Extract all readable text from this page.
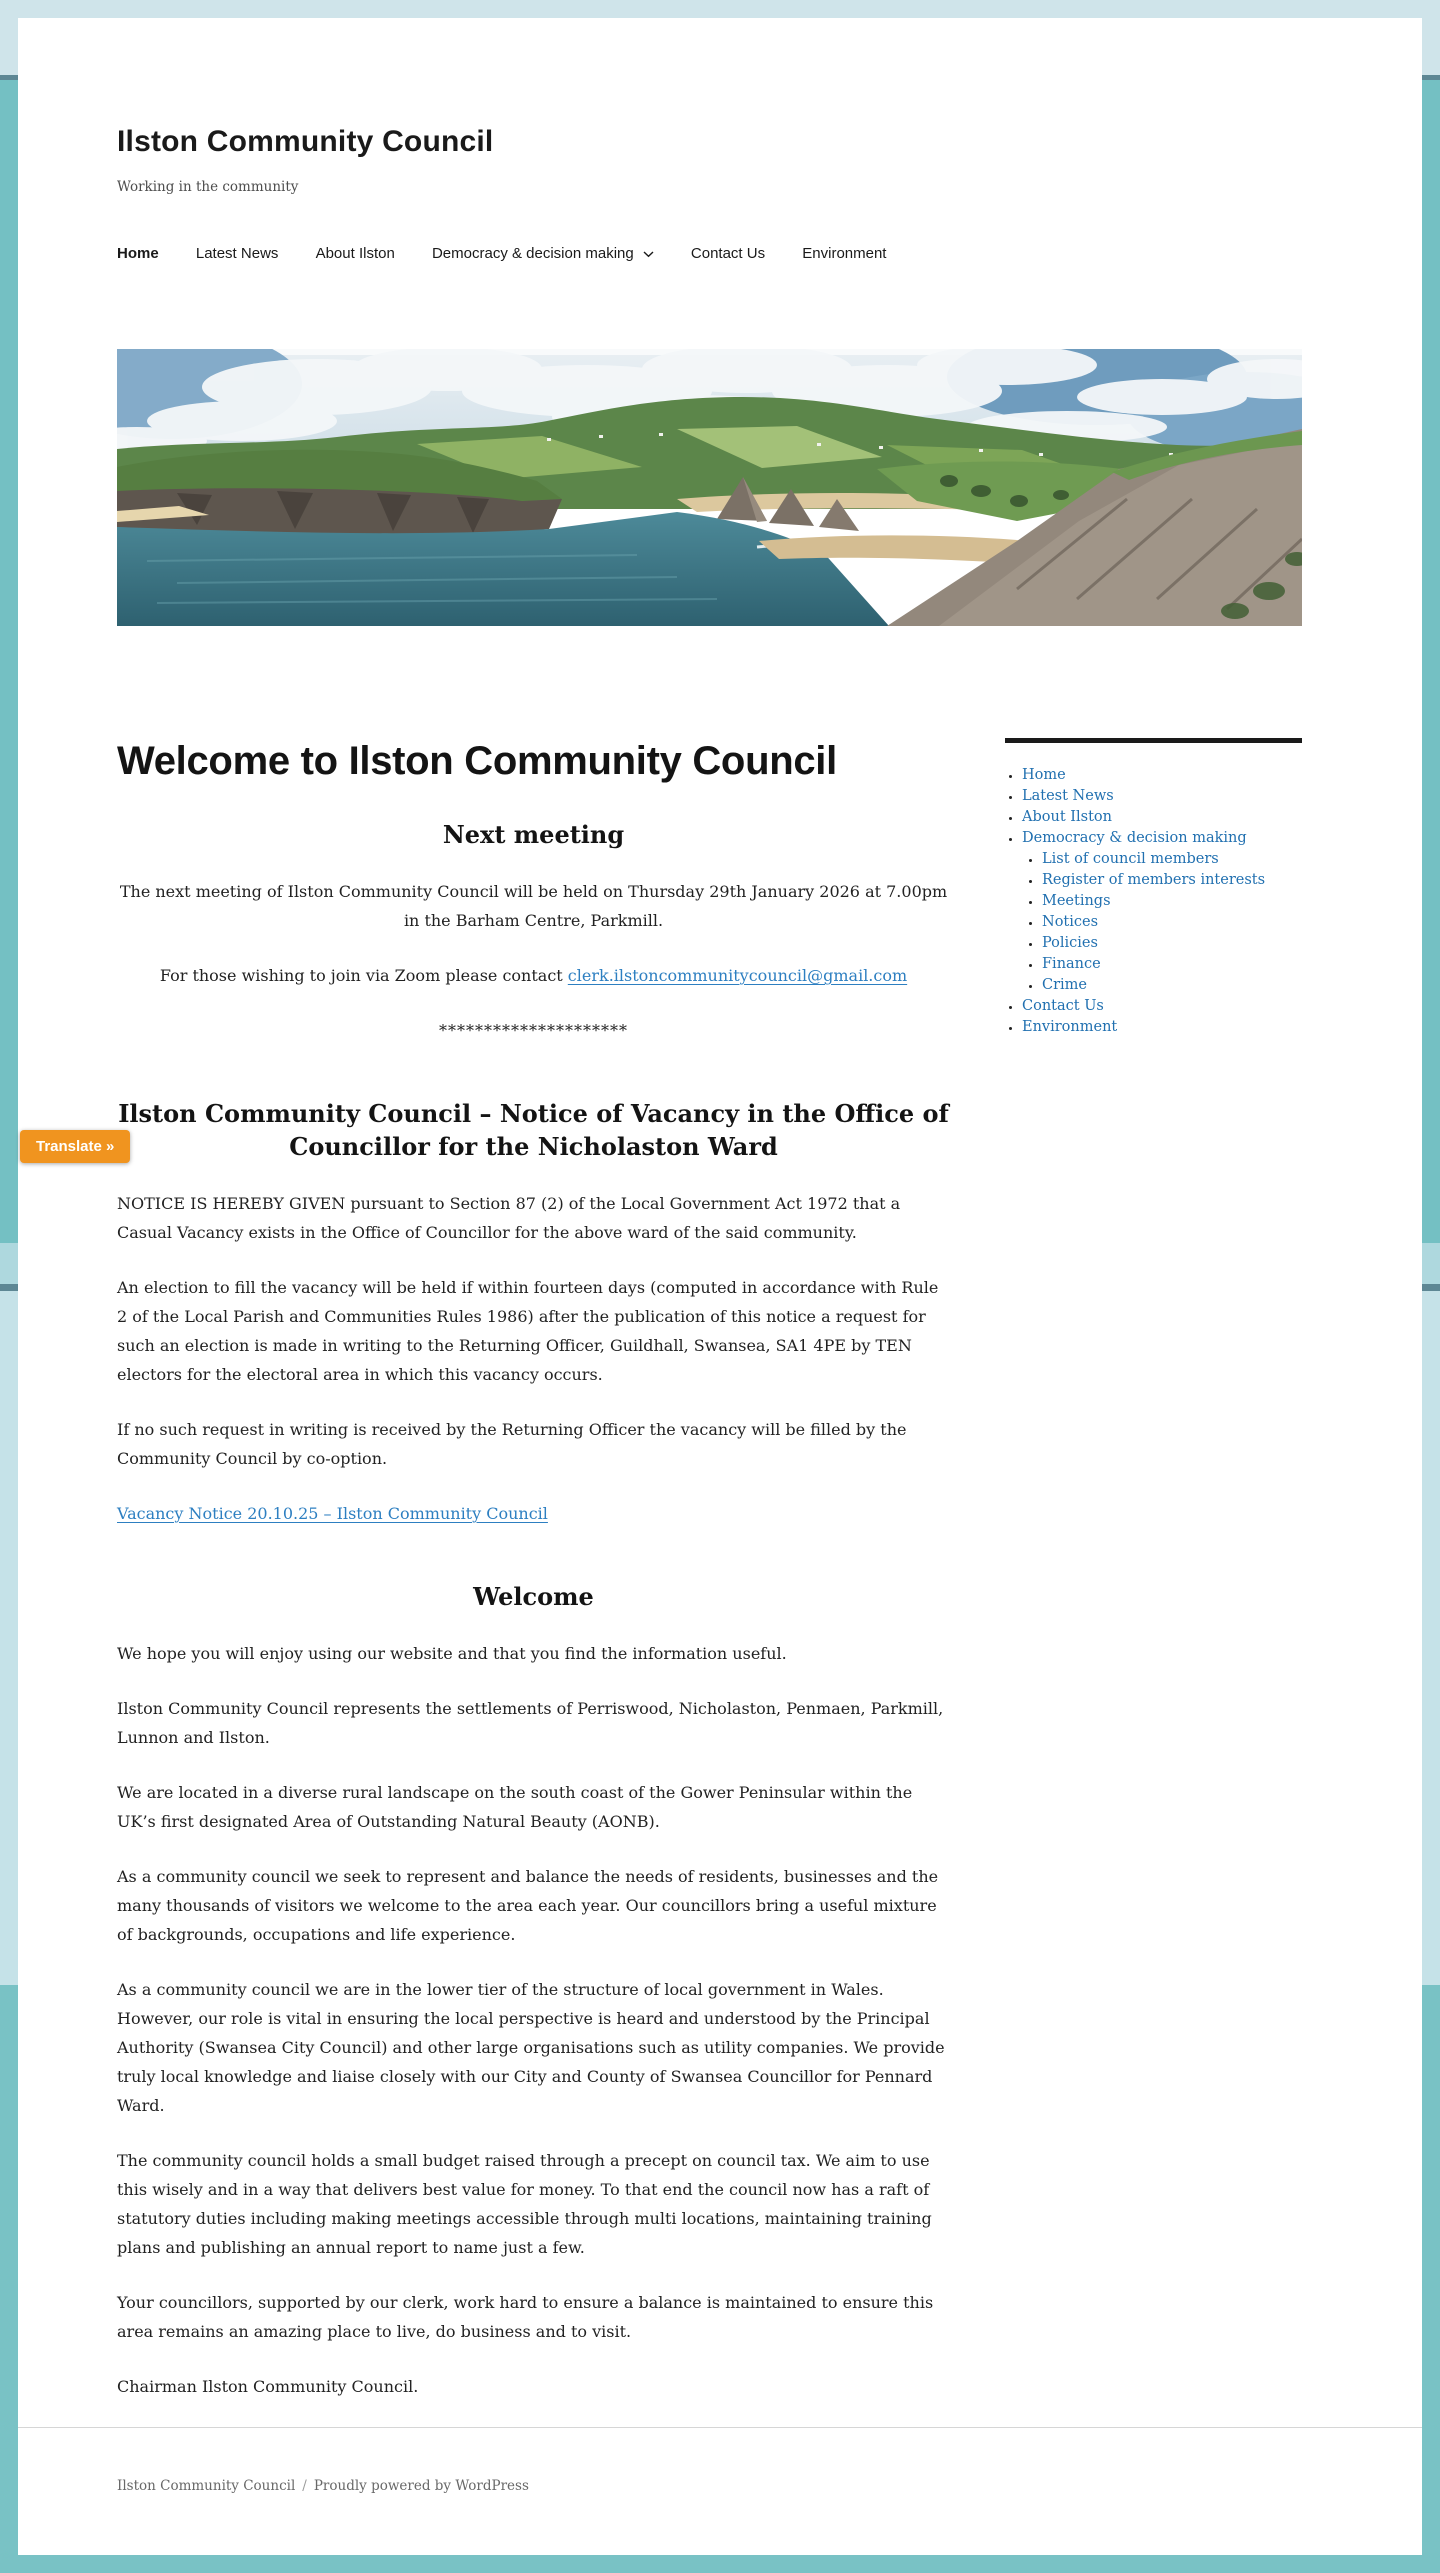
Translate »
Ilston Community Council
Working in the community
Home Latest News About Ilston Democracy & decision making	Contact Us Environment
Welcome to Ilston Community Council
Next meeting

The next meeting of Ilston Community Council will be held on Thursday 29th January 2026 at 7.00pm in the Barham Centre, Parkmill.

For those wishing to join via Zoom please contact clerk.ilstoncommunitycouncil@gmail.com

*********************

Ilston Community Council – Notice of Vacancy in the Office of Councillor for the Nicholaston Ward

NOTICE IS HEREBY GIVEN pursuant to Section 87 (2) of the Local Government Act 1972 that a Casual Vacancy exists in the Office of Councillor for the above ward of the said community.

An election to fill the vacancy will be held if within fourteen days (computed in accordance with Rule 2 of the Local Parish and Communities Rules 1986) after the publication of this notice a request for such an election is made in writing to the Returning Officer, Guildhall, Swansea, SA1 4PE by TEN electors for the electoral area in which this vacancy occurs.

If no such request in writing is received by the Returning Officer the vacancy will be filled by the Community Council by co-option.

Vacancy Notice 20.10.25 – Ilston Community Council

Welcome

We hope you will enjoy using our website and that you find the information useful.

Ilston Community Council represents the settlements of Perriswood, Nicholaston, Penmaen, Parkmill, Lunnon and Ilston.

We are located in a diverse rural landscape on the south coast of the Gower Peninsular within the UK’s first designated Area of Outstanding Natural Beauty (AONB).

As a community council we seek to represent and balance the needs of residents, businesses and the many thousands of visitors we welcome to the area each year. Our councillors bring a useful mixture of backgrounds, occupations and life experience.

As a community council we are in the lower tier of the structure of local government in Wales. However, our role is vital in ensuring the local perspective is heard and understood by the Principal Authority (Swansea City Council) and other large organisations such as utility companies. We provide truly local knowledge and liaise closely with our City and County of Swansea Councillor for Pennard Ward.

The community council holds a small budget raised through a precept on council tax. We aim to use this wisely and in a way that delivers best value for money. To that end the council now has a raft of statutory duties including making meetings accessible through multi locations, maintaining training plans and publishing an annual report to name just a few.

Your councillors, supported by our clerk, work hard to ensure a balance is maintained to ensure this area remains an amazing place to live, do business and to visit.

Chairman Ilston Community Council.

• Home
• Latest News
• About Ilston
• Democracy & decision making
• List of council members
• Register of members interests
• Meetings
• Notices
• Policies
• Finance
• Crime
• Contact Us
• Environment
Ilston Community Council / Proudly powered by WordPress
